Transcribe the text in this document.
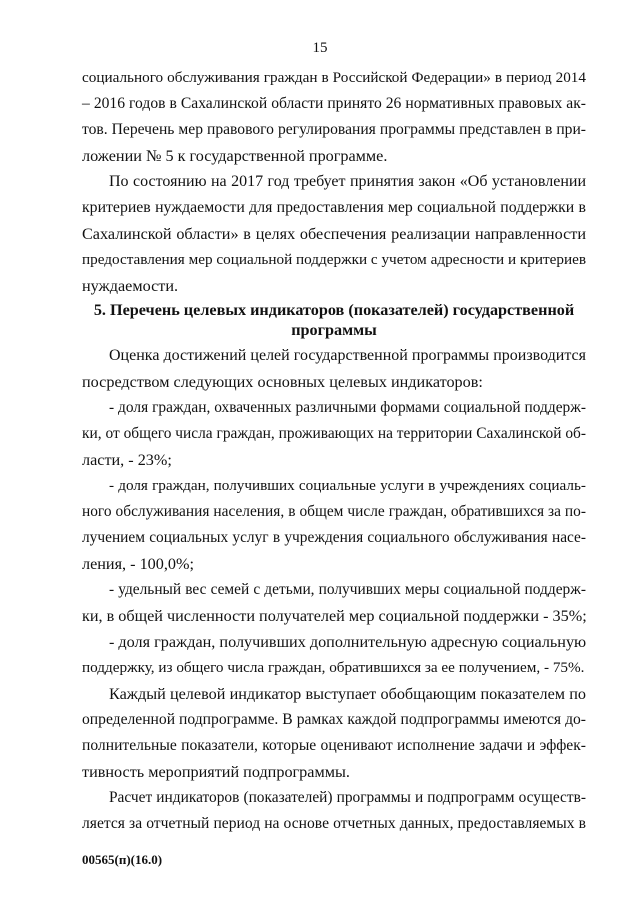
15
социального обслуживания граждан в Российской Федерации» в период 2014
– 2016 годов в Сахалинской области принято 26 нормативных правовых ак-
тов. Перечень мер правового регулирования программы представлен в при-
ложении № 5 к государственной программе.
По состоянию на 2017 год требует принятия закон «Об установлении
критериев нуждаемости для предоставления мер социальной поддержки в
Сахалинской области» в целях обеспечения реализации направленности
предоставления мер социальной поддержки с учетом адресности и критериев
нуждаемости.
5. Перечень целевых индикаторов (показателей) государственной
программы
Оценка достижений целей государственной программы производится
посредством следующих основных целевых индикаторов:
- доля граждан, охваченных различными формами социальной поддерж-
ки, от общего числа граждан, проживающих на территории Сахалинской об-
ласти, - 23%;
- доля граждан, получивших социальные услуги в учреждениях социаль-
ного обслуживания населения, в общем числе граждан, обратившихся за по-
лучением социальных услуг в учреждения социального обслуживания насе-
ления, - 100,0%;
- удельный вес семей с детьми, получивших меры социальной поддерж-
ки, в общей численности получателей мер социальной поддержки - 35%;
- доля граждан, получивших дополнительную адресную социальную
поддержку, из общего числа граждан, обратившихся за ее получением, - 75%.
Каждый целевой индикатор выступает обобщающим показателем по
определенной подпрограмме. В рамках каждой подпрограммы имеются до-
полнительные показатели, которые оценивают исполнение задачи и эффек-
тивность мероприятий подпрограммы.
Расчет индикаторов (показателей) программы и подпрограмм осуществ-
ляется за отчетный период на основе отчетных данных, предоставляемых в
00565(п)(16.0)
